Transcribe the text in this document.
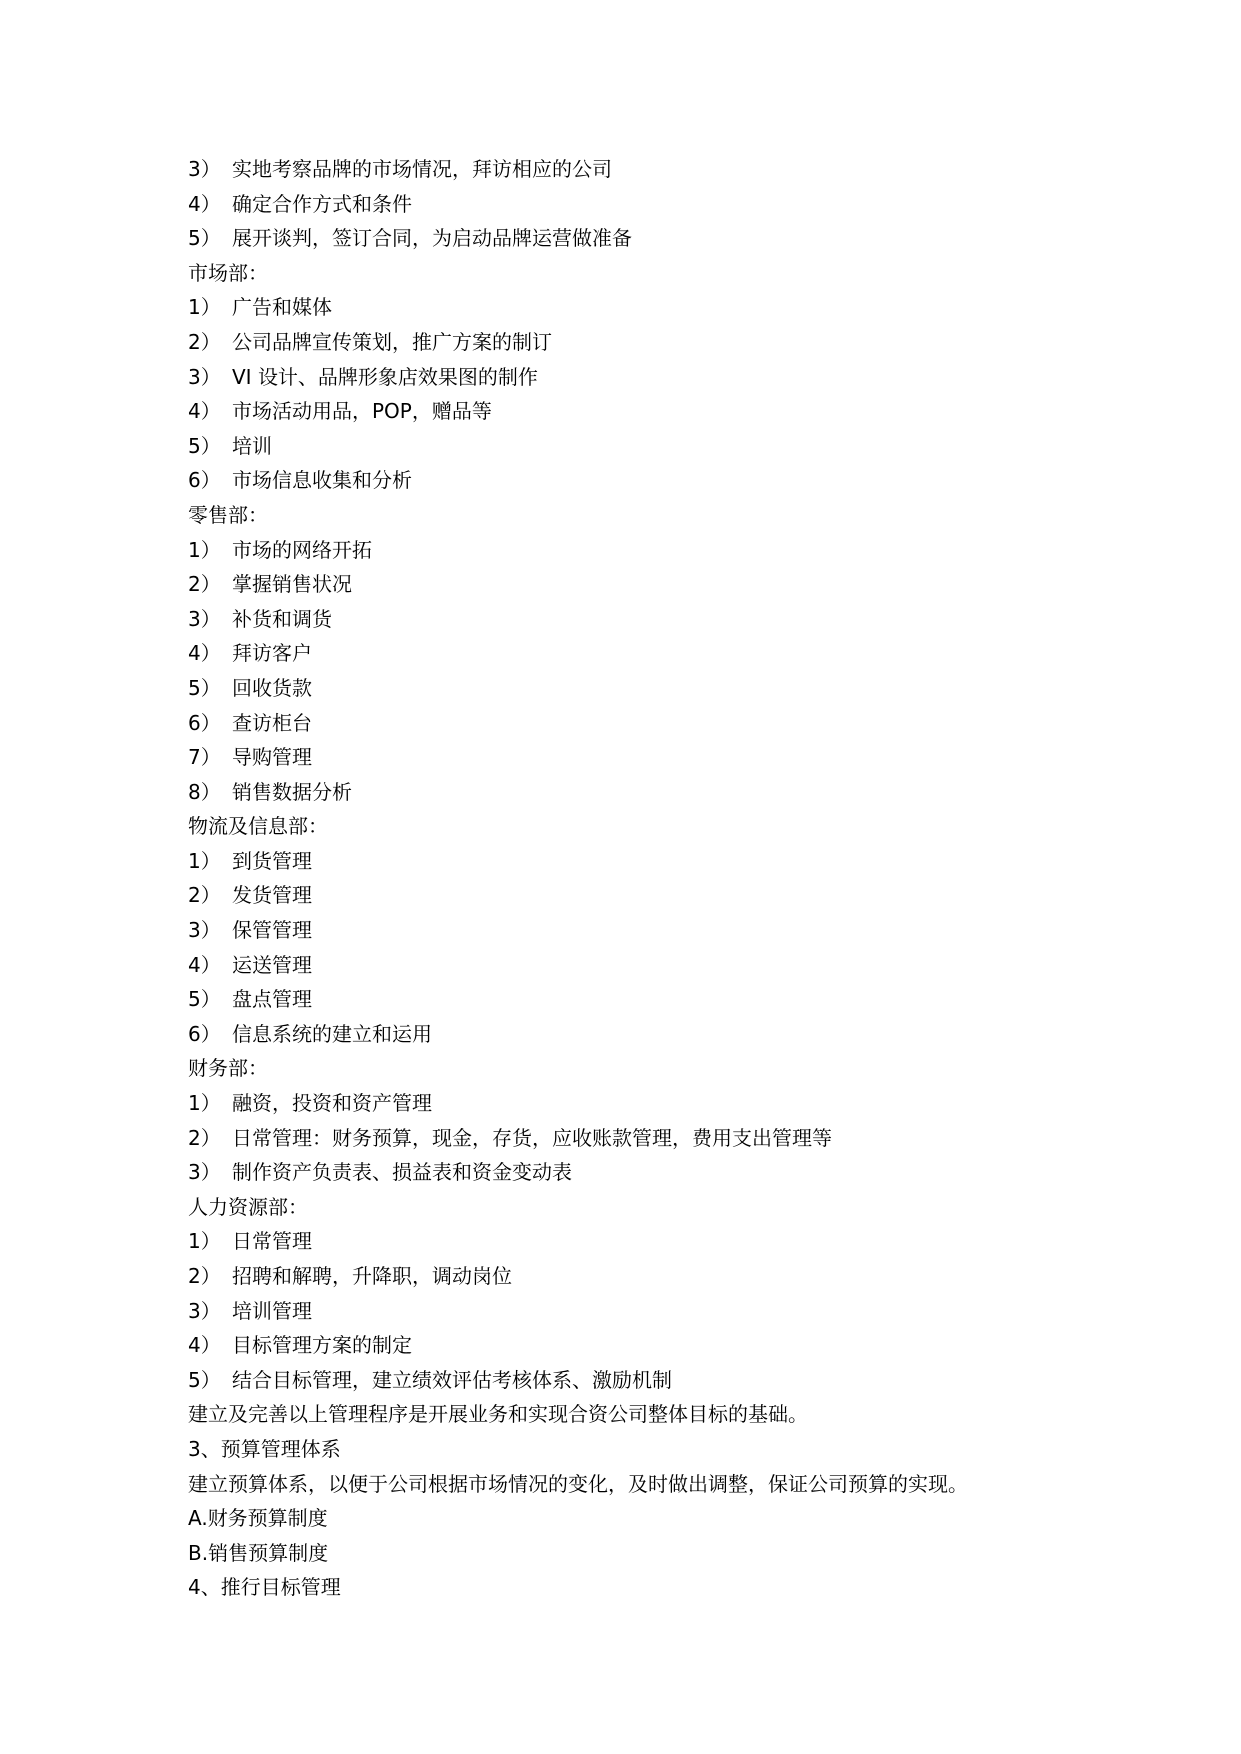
3） 实地考察品牌的市场情况，拜访相应的公司
4） 确定合作方式和条件
5） 展开谈判，签订合同，为启动品牌运营做准备
市场部：
1） 广告和媒体
2） 公司品牌宣传策划，推广方案的制订
3） VI 设计、品牌形象店效果图的制作
4） 市场活动用品，POP，赠品等
5） 培训
6） 市场信息收集和分析
零售部：
1） 市场的网络开拓
2） 掌握销售状况
3） 补货和调货
4） 拜访客户
5） 回收货款
6） 查访柜台
7） 导购管理
8） 销售数据分析
物流及信息部：
1） 到货管理
2） 发货管理
3） 保管管理
4） 运送管理
5） 盘点管理
6） 信息系统的建立和运用
财务部：
1） 融资，投资和资产管理
2） 日常管理：财务预算，现金，存货，应收账款管理，费用支出管理等
3） 制作资产负责表、损益表和资金变动表
人力资源部：
1） 日常管理
2） 招聘和解聘，升降职，调动岗位
3） 培训管理
4） 目标管理方案的制定
5） 结合目标管理，建立绩效评估考核体系、激励机制
建立及完善以上管理程序是开展业务和实现合资公司整体目标的基础。
3、预算管理体系
建立预算体系，以便于公司根据市场情况的变化，及时做出调整，保证公司预算的实现。
A.财务预算制度
B.销售预算制度
4、推行目标管理
